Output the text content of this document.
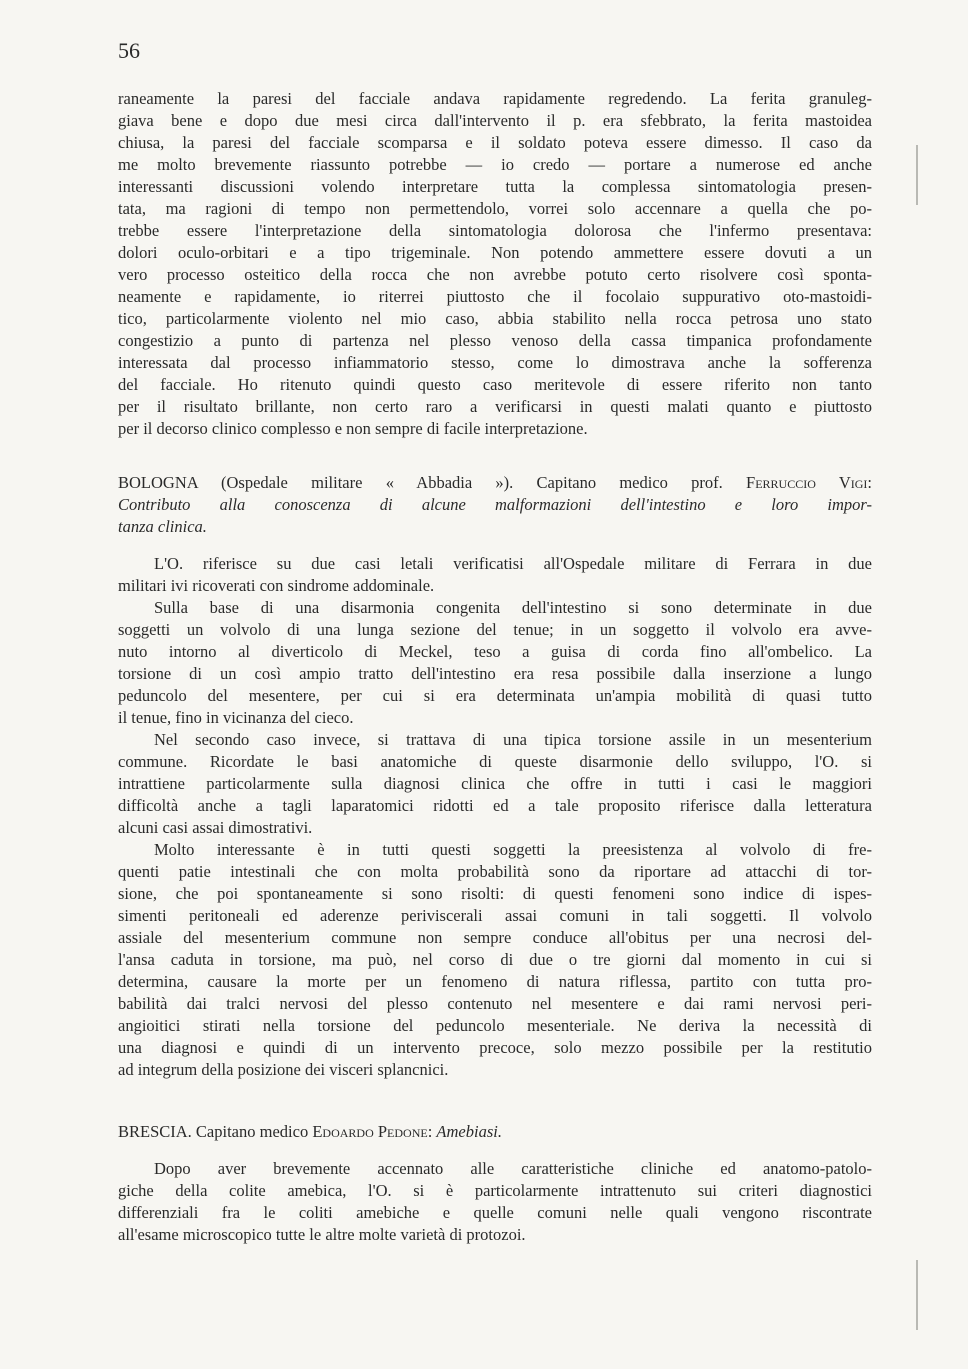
56
raneamente la paresi del facciale andava rapidamente regredendo. La ferita granuleg-
giava bene e dopo due mesi circa dall'intervento il p. era sfebbrato, la ferita mastoidea
chiusa, la paresi del facciale scomparsa e il soldato poteva essere dimesso. Il caso da
me molto brevemente riassunto potrebbe — io credo — portare a numerose ed anche
interessanti discussioni volendo interpretare tutta la complessa sintomatologia presen-
tata, ma ragioni di tempo non permettendolo, vorrei solo accennare a quella che po-
trebbe essere l'interpretazione della sintomatologia dolorosa che l'infermo presentava:
dolori oculo-orbitari e a tipo trigeminale. Non potendo ammettere essere dovuti a un
vero processo osteitico della rocca che non avrebbe potuto certo risolvere così sponta-
neamente e rapidamente, io riterrei piuttosto che il focolaio suppurativo oto-mastoidi-
tico, particolarmente violento nel mio caso, abbia stabilito nella rocca petrosa uno stato
congestizio a punto di partenza nel plesso venoso della cassa timpanica profondamente
interessata dal processo infiammatorio stesso, come lo dimostrava anche la sofferenza
del facciale. Ho ritenuto quindi questo caso meritevole di essere riferito non tanto
per il risultato brillante, non certo raro a verificarsi in questi malati quanto e piuttosto
per il decorso clinico complesso e non sempre di facile interpretazione.
BOLOGNA (Ospedale militare « Abbadia »). Capitano medico prof. Ferruccio Vigi:
Contributo alla conoscenza di alcune malformazioni dell'intestino e loro impor-
tanza clinica.
L'O. riferisce su due casi letali verificatisi all'Ospedale militare di Ferrara in due
militari ivi ricoverati con sindrome addominale.
Sulla base di una disarmonia congenita dell'intestino si sono determinate in due
soggetti un volvolo di una lunga sezione del tenue; in un soggetto il volvolo era avve-
nuto intorno al diverticolo di Meckel, teso a guisa di corda fino all'ombelico. La
torsione di un così ampio tratto dell'intestino era resa possibile dalla inserzione a lungo
peduncolo del mesentere, per cui si era determinata un'ampia mobilità di quasi tutto
il tenue, fino in vicinanza del cieco.
Nel secondo caso invece, si trattava di una tipica torsione assile in un mesenterium
commune. Ricordate le basi anatomiche di queste disarmonie dello sviluppo, l'O. si
intrattiene particolarmente sulla diagnosi clinica che offre in tutti i casi le maggiori
difficoltà anche a tagli laparatomici ridotti ed a tale proposito riferisce dalla letteratura
alcuni casi assai dimostrativi.
Molto interessante è in tutti questi soggetti la preesistenza al volvolo di fre-
quenti patie intestinali che con molta probabilità sono da riportare ad attacchi di tor-
sione, che poi spontaneamente si sono risolti: di questi fenomeni sono indice di ispes-
simenti peritoneali ed aderenze periviscerali assai comuni in tali soggetti. Il volvolo
assiale del mesenterium commune non sempre conduce all'obitus per una necrosi del-
l'ansa caduta in torsione, ma può, nel corso di due o tre giorni dal momento in cui si
determina, causare la morte per un fenomeno di natura riflessa, partito con tutta pro-
babilità dai tralci nervosi del plesso contenuto nel mesentere e dai rami nervosi peri-
angioitici stirati nella torsione del peduncolo mesenteriale. Ne deriva la necessità di
una diagnosi e quindi di un intervento precoce, solo mezzo possibile per la restitutio
ad integrum della posizione dei visceri splancnici.
BRESCIA. Capitano medico Edoardo Pedone: Amebiasi.
Dopo aver brevemente accennato alle caratteristiche cliniche ed anatomo-patolo-
giche della colite amebica, l'O. si è particolarmente intrattenuto sui criteri diagnostici
differenziali fra le coliti amebiche e quelle comuni nelle quali vengono riscontrate
all'esame microscopico tutte le altre molte varietà di protozoi.
